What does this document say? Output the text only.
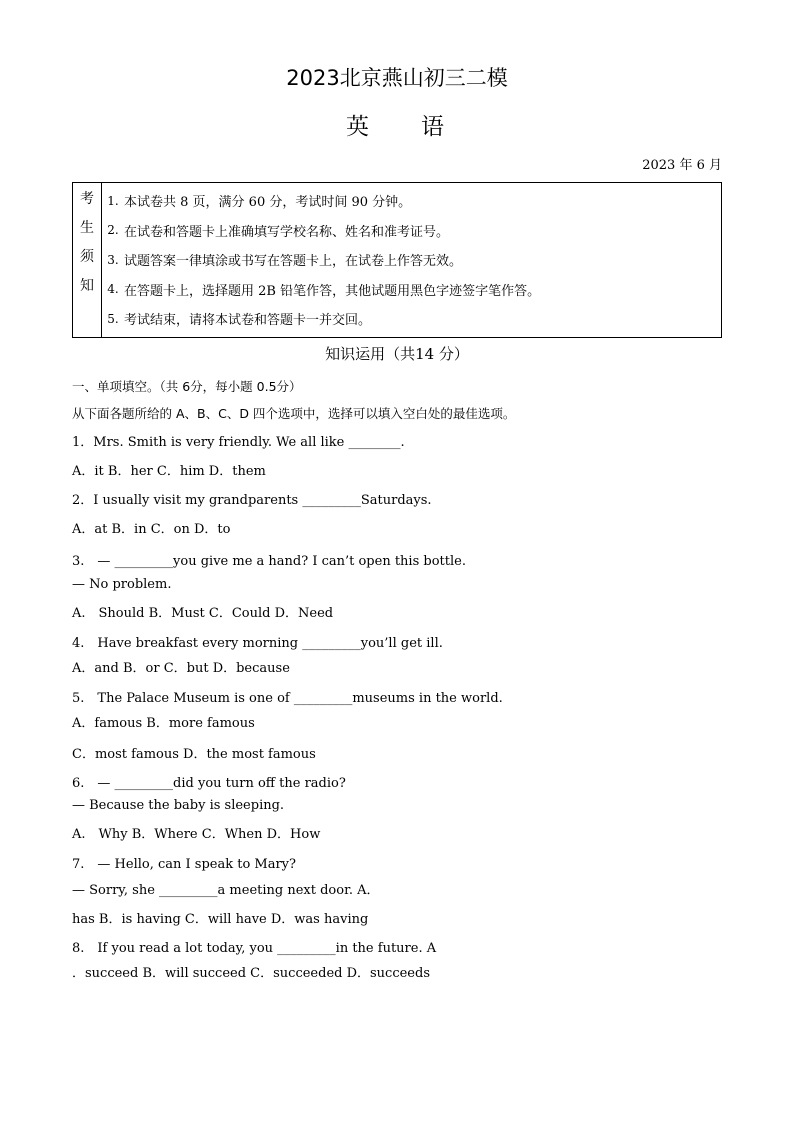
2023北京燕山初三二模
英 语
2023 年 6 月
考
生
须
知
1. 本试卷共 8 页，满分 60 分，考试时间 90 分钟。
2. 在试卷和答题卡上准确填写学校名称、姓名和准考证号。
3. 试题答案一律填涂或书写在答题卡上，在试卷上作答无效。
4. 在答题卡上，选择题用 2B 铅笔作答，其他试题用黑色字迹签字笔作答。
5. 考试结束，请将本试卷和答题卡一并交回。
知识运用（共14 分）
一、单项填空。（共 6分，每小题 0.5分）
从下面各题所给的 A、B、C、D 四个选项中，选择可以填入空白处的最佳选项。
1．Mrs. Smith is very friendly. We all like ________.
A．it B．her C．him D．them
2．I usually visit my grandparents _________Saturdays.
A．at B．in C．on D．to
3.　— _________you give me a hand? I can’t open this bottle.
— No problem.
A.　Should B．Must C．Could D．Need
4.　Have breakfast every morning _________you’ll get ill.
A．and B．or C．but D．because
5.　The Palace Museum is one of _________museums in the world.
A．famous B．more famous
C．most famous D．the most famous
6.　— _________did you turn off the radio?
— Because the baby is sleeping.
A.　Why B．Where C．When D．How
7.　— Hello, can I speak to Mary?
— Sorry, she _________a meeting next door. A．
has B．is having C．will have D．was having
8.　If you read a lot today, you _________in the future. A
．succeed B．will succeed C．succeeded D．succeeds
